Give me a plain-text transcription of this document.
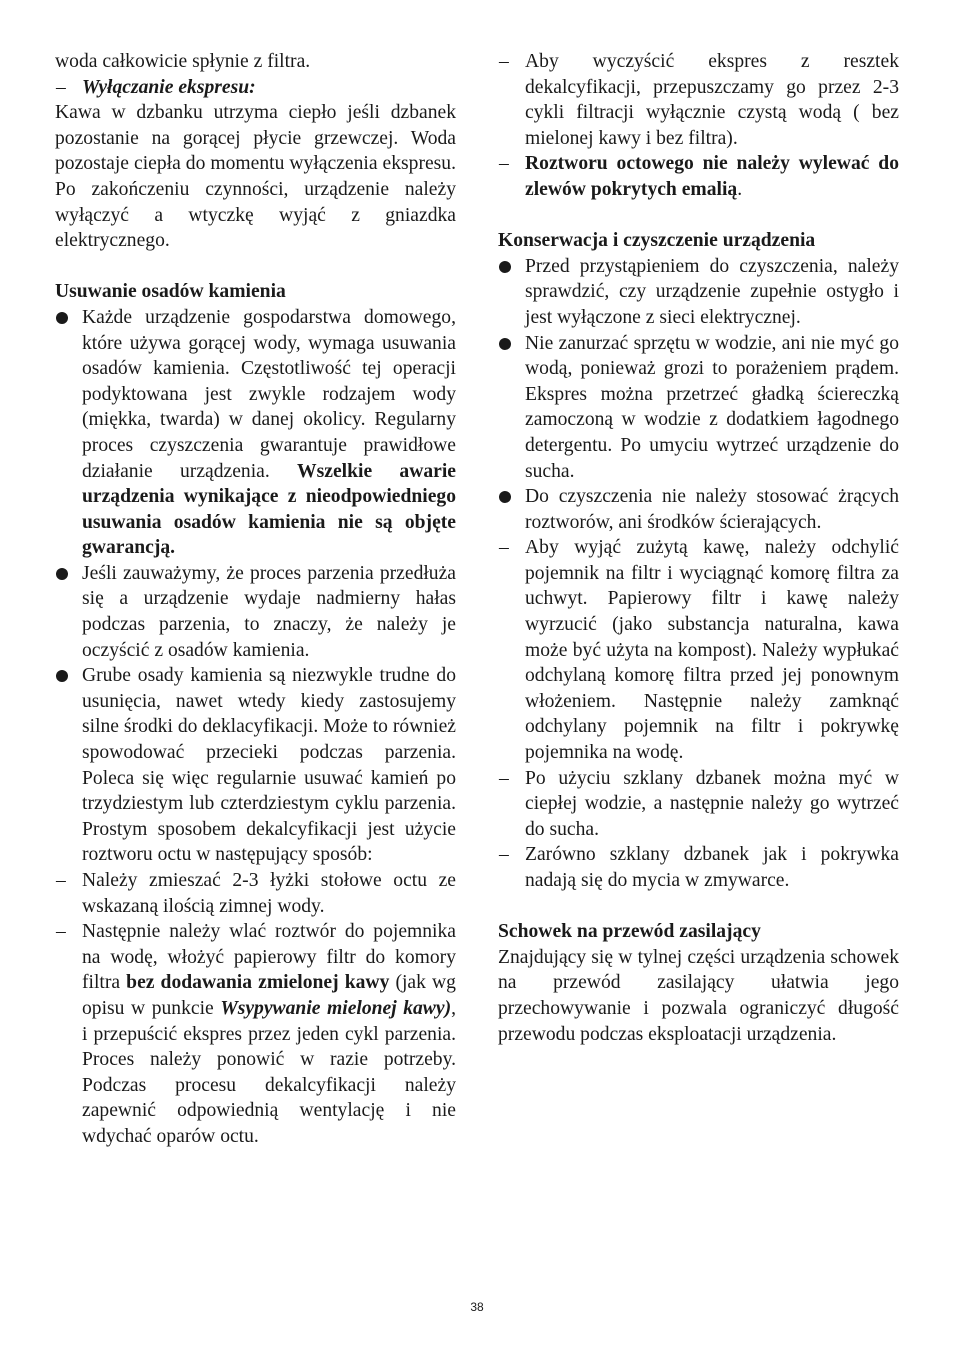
woda całkowicie spłynie z filtra.

– Wyłączanie ekspresu:

Kawa w dzbanku utrzyma ciepło jeśli dzbanek pozostanie na gorącej płycie grzewczej. Woda pozostaje ciepła do momentu wyłączenia ekspresu. Po zakończeniu czynności, urządzenie należy wyłączyć a wtyczkę wyjąć z gniazdka elektrycznego.

Usuwanie osadów kamienia

Każde urządzenie gospodarstwa domowego, które używa gorącej wody, wymaga usuwania osadów kamienia. Częstotliwość tej operacji podyktowana jest zwykle rodzajem wody (miękka, twarda) w danej okolicy. Regularny proces czyszczenia gwarantuje prawidłowe działanie urządzenia. Wszelkie awarie urządzenia wynikające z nieodpowiedniego usuwania osadów kamienia nie są objęte gwarancją.
Jeśli zauważymy, że proces parzenia przedłuża się a urządzenie wydaje nadmierny hałas podczas parzenia, to znaczy, że należy je oczyścić z osadów kamienia.
Grube osady kamienia są niezwykle trudne do usunięcia, nawet wtedy kiedy zastosujemy silne środki do deklacyfikacji. Może to również spowodować przecieki podczas parzenia. Poleca się więc regularnie usuwać kamień po trzydziestym lub czterdziestym cyklu parzenia. Prostym sposobem dekalcyfikacji jest użycie roztworu octu w następujący sposób:
– Należy zmieszać 2-3 łyżki stołowe octu ze wskazaną ilością zimnej wody.
– Następnie należy wlać roztwór do pojemnika na wodę, włożyć papierowy filtr do komory filtra bez dodawania zmielonej kawy (jak wg opisu w punkcie Wsypywanie mielonej kawy), i przepuścić ekspres przez jeden cykl parzenia. Proces należy ponowić w razie potrzeby. Podczas procesu dekalcyfikacji należy zapewnić odpowiednią wentylację i nie wdychać oparów octu.
– Aby wyczyścić ekspres z resztek dekalcyfikacji, przepuszczamy go przez 2-3 cykli filtracji wyłącznie czystą wodą ( bez mielonej kawy i bez filtra).
– Roztworu octowego nie należy wylewać do zlewów pokrytych emalią.

Konserwacja i czyszczenie urządzenia

Przed przystąpieniem do czyszczenia, należy sprawdzić, czy urządzenie zupełnie ostygło i jest wyłączone z sieci elektrycznej.
Nie zanurzać sprzętu w wodzie, ani nie myć go wodą, ponieważ grozi to porażeniem prądem. Ekspres można przetrzeć gładką ściereczką zamoczoną w wodzie z dodatkiem łagodnego detergentu. Po umyciu wytrzeć urządzenie do sucha.
Do czyszczenia nie należy stosować żrących roztworów, ani środków ścierających.
– Aby wyjąć zużytą kawę, należy odchylić pojemnik na filtr i wyciągnąć komorę filtra za uchwyt. Papierowy filtr i kawę należy wyrzucić (jako substancja naturalna, kawa może być użyta na kompost). Należy wypłukać odchylaną komorę filtra przed jej ponownym włożeniem. Następnie należy zamknąć odchylany pojemnik na filtr i pokrywkę pojemnika na wodę.
– Po użyciu szklany dzbanek można myć w ciepłej wodzie, a następnie należy go wytrzeć do sucha.
– Zarówno szklany dzbanek jak i pokrywka nadają się do mycia w zmywarce.

Schowek na przewód zasilający

Znajdujący się w tylnej części urządzenia schowek na przewód zasilający ułatwia jego przechowywanie i pozwala ograniczyć długość przewodu podczas eksploatacji urządzenia.

38
